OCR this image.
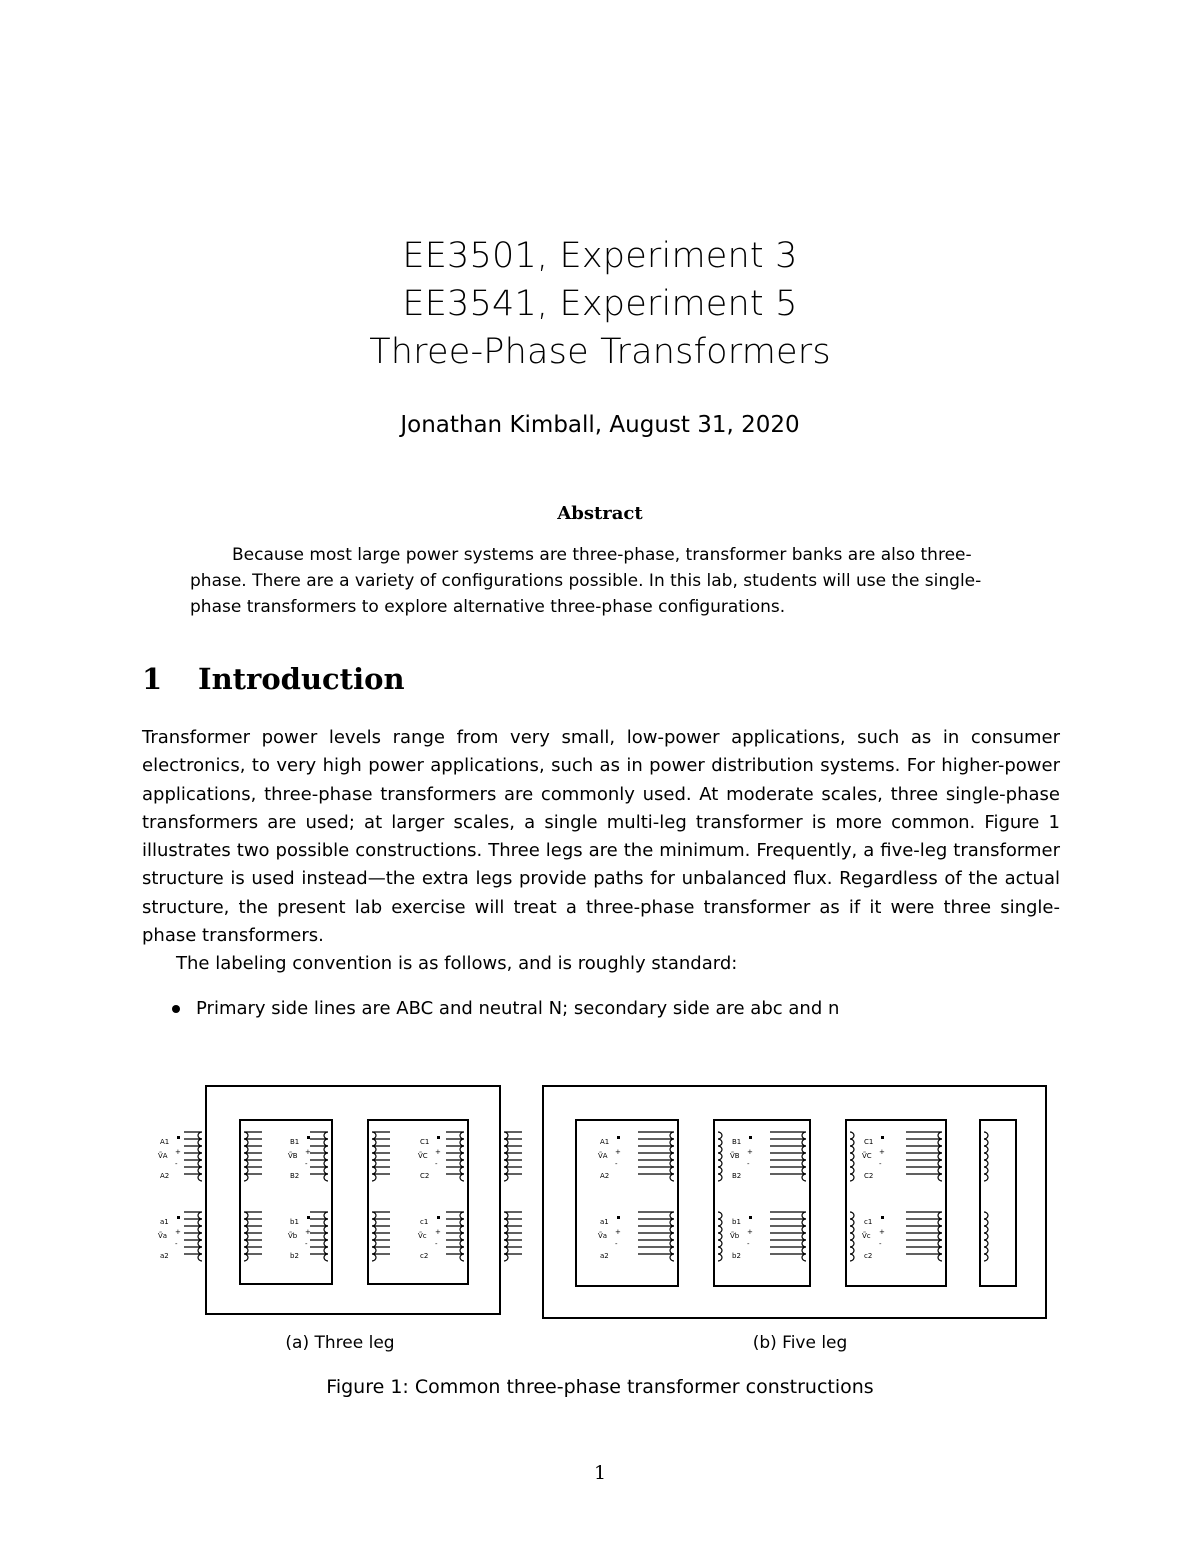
EE3501, Experiment 3
EE3541, Experiment 5
Three-Phase Transformers
Jonathan Kimball, August 31, 2020
Abstract
Because most large power systems are three-phase, transformer banks are also three-phase. There are a variety of configurations possible. In this lab, students will use the single-phase transformers to explore alternative three-phase configurations.
1 Introduction

Transformer power levels range from very small, low-power applications, such as in consumer electronics, to very high power applications, such as in power distribution systems. For higher-power applications, three-phase transformers are commonly used. At moderate scales, three single-phase transformers are used; at larger scales, a single multi-leg transformer is more common. Figure 1 illustrates two possible constructions. Three legs are the minimum. Frequently, a five-leg transformer structure is used instead—the extra legs provide paths for unbalanced flux. Regardless of the actual structure, the present lab exercise will treat a three-phase transformer as if it were three single-phase transformers.

The labeling convention is as follows, and is roughly standard:

Primary side lines are ABC and neutral N; secondary side are abc and n
A1
+
ṼA
-
A2
a1
+
Ṽa
-
a2
B1
+
ṼB
-
B2
b1
+
Ṽb
-
b2
C1
+
ṼC
-
C2
c1
+
Ṽc
-
c2
A1
+
ṼA
-
A2
a1
+
Ṽa
-
a2
B1
+
ṼB
-
B2
b1
+
Ṽb
-
b2
C1
+
ṼC
-
C2
c1
+
Ṽc
-
c2
(a) Three leg	(b) Five leg
Figure 1: Common three-phase transformer constructions
1
